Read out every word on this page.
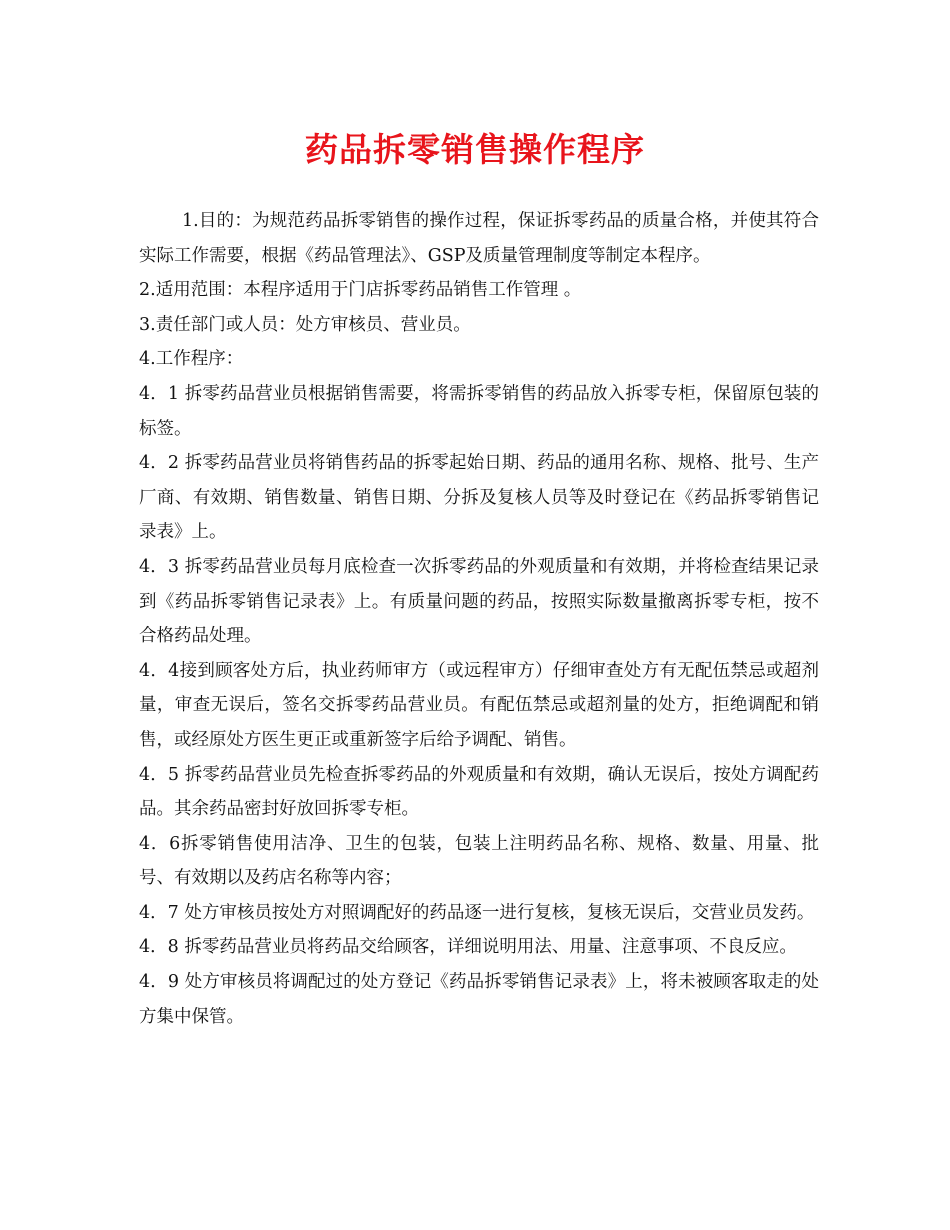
药品拆零销售操作程序

1.目的：为规范药品拆零销售的操作过程，保证拆零药品的质量合格，并使其符合实际工作需要，根据《药品管理法》、GSP及质量管理制度等制定本程序。

2.适用范围：本程序适用于门店拆零药品销售工作管理 。

3.责任部门或人员：处方审核员、营业员。

4.工作程序：

4．1 拆零药品营业员根据销售需要，将需拆零销售的药品放入拆零专柜，保留原包装的标签。

4．2 拆零药品营业员将销售药品的拆零起始日期、药品的通用名称、规格、批号、生产厂商、有效期、销售数量、销售日期、分拆及复核人员等及时登记在《药品拆零销售记录表》上。

4．3 拆零药品营业员每月底检查一次拆零药品的外观质量和有效期，并将检查结果记录到《药品拆零销售记录表》上。有质量问题的药品，按照实际数量撤离拆零专柜，按不合格药品处理。

4．4接到顾客处方后，执业药师审方（或远程审方）仔细审查处方有无配伍禁忌或超剂量，审查无误后，签名交拆零药品营业员。有配伍禁忌或超剂量的处方，拒绝调配和销售，或经原处方医生更正或重新签字后给予调配、销售。

4．5 拆零药品营业员先检查拆零药品的外观质量和有效期，确认无误后，按处方调配药品。其余药品密封好放回拆零专柜。

4．6拆零销售使用洁净、卫生的包装，包装上注明药品名称、规格、数量、用量、批号、有效期以及药店名称等内容；

4．7 处方审核员按处方对照调配好的药品逐一进行复核，复核无误后，交营业员发药。

4．8 拆零药品营业员将药品交给顾客，详细说明用法、用量、注意事项、不良反应。

4．9 处方审核员将调配过的处方登记《药品拆零销售记录表》上，将未被顾客取走的处方集中保管。
